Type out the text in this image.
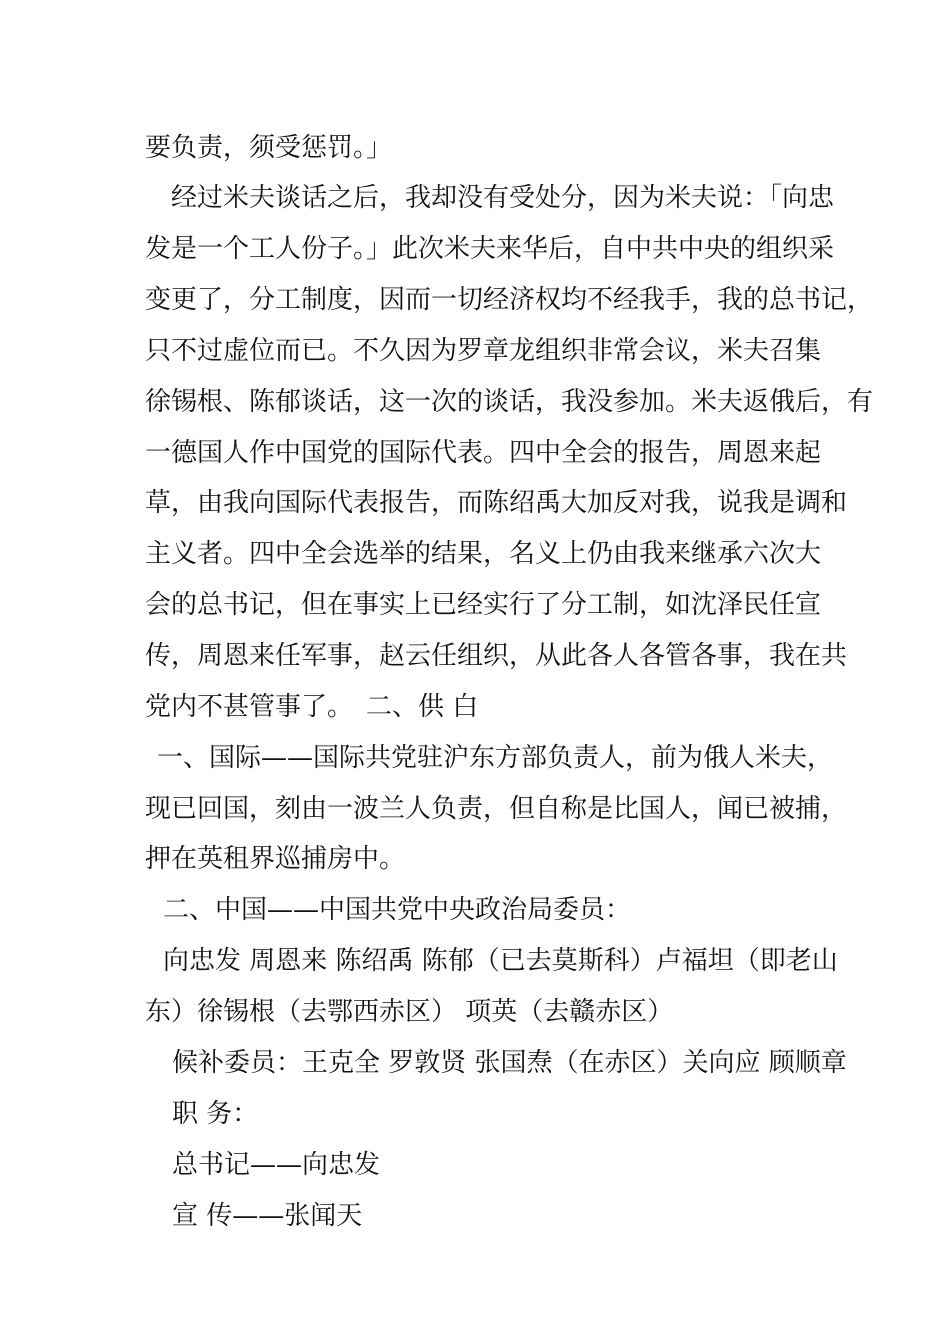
要负责，须受惩罚。」
　经过米夫谈话之后，我却没有受处分，因为米夫说：「向忠
发是一个工人份子。」此次米夫来华后，自中共中央的组织采
变更了，分工制度，因而一切经济权均不经我手，我的总书记，
只不过虚位而已。不久因为罗章龙组织非常会议，米夫召集
徐锡根、陈郁谈话，这一次的谈话，我没参加。米夫返俄后，有
一德国人作中国党的国际代表。四中全会的报告，周恩来起
草，由我向国际代表报告，而陈绍禹大加反对我，说我是调和
主义者。四中全会选举的结果，名义上仍由我来继承六次大
会的总书记，但在事实上已经实行了分工制，如沈泽民任宣
传，周恩来任军事，赵云任组织，从此各人各管各事，我在共
党内不甚管事了。　二、供 白
一、国际——国际共党驻沪东方部负责人，前为俄人米夫，
现已回国，刻由一波兰人负责，但自称是比国人，闻已被捕，
押在英租界巡捕房中。
二、中国——中国共党中央政治局委员：
向忠发 周恩来 陈绍禹 陈郁（已去莫斯科）卢福坦（即老山
东）徐锡根（去鄂西赤区） 项英（去赣赤区）
候补委员：王克全 罗敦贤 张国焘（在赤区）关向应 顾顺章
职 务：
总书记——向忠发
宣 传——张闻天
